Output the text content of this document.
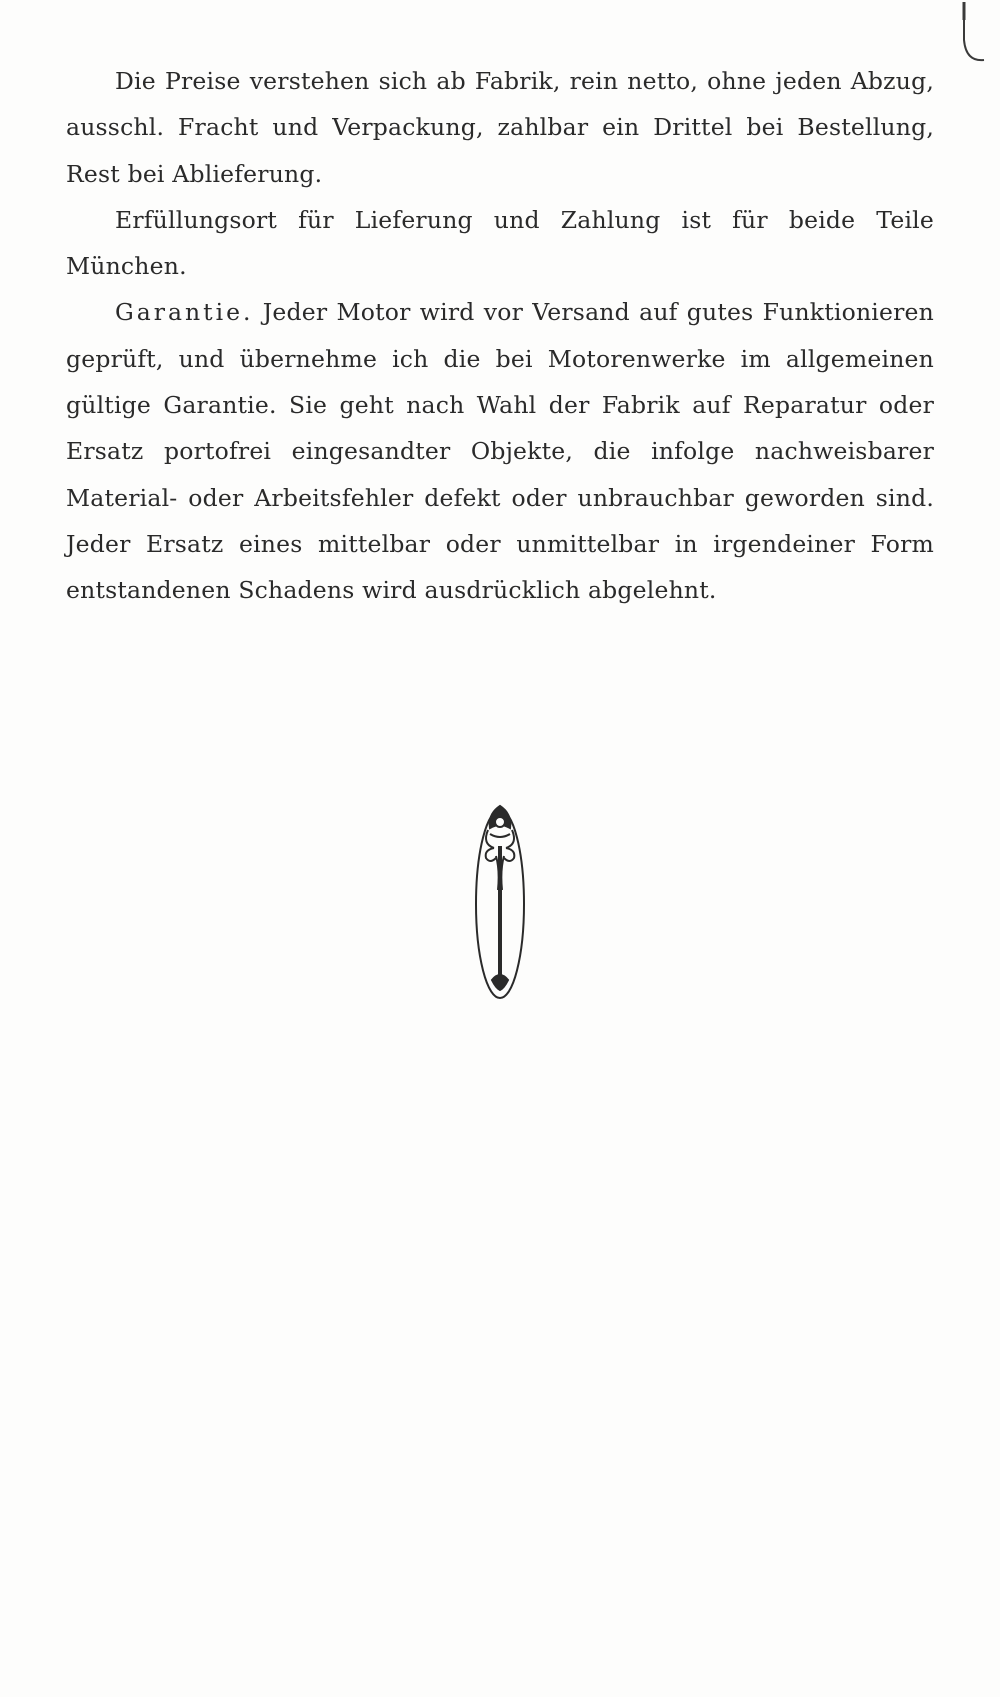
Die Preise verstehen sich ab Fabrik, rein netto, ohne jeden Abzug, ausschl. Fracht und Verpackung, zahlbar ein Drittel bei Bestellung, Rest bei Ablieferung.

Erfüllungsort für Lieferung und Zahlung ist für beide Teile München.

Garantie. Jeder Motor wird vor Versand auf gutes Funktionieren geprüft, und übernehme ich die bei Motorenwerke im allgemeinen gültige Garantie. Sie geht nach Wahl der Fabrik auf Reparatur oder Ersatz portofrei eingesandter Objekte, die infolge nachweisbarer Material- oder Arbeitsfehler defekt oder unbrauchbar geworden sind. Jeder Ersatz eines mittelbar oder unmittelbar in irgendeiner Form entstandenen Schadens wird ausdrücklich abgelehnt.
